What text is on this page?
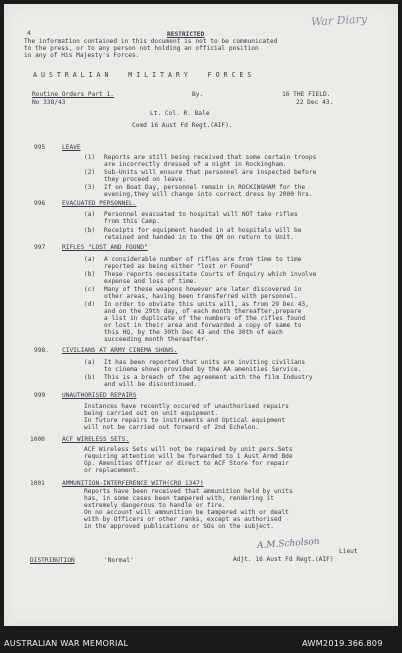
War Diary
4	RESTRICTED
The information contained in this document is not to be communicated
to the press, or to any person not holding an official position
in any of His Majesty's Forces.
A U S T R A L I A N     M I L I T A R Y     F O R C E S
Routine Orders Part 1.	By.	16 THE FIELD.
No 338/43	22 Dec 43.
Lt. Col. R. Bale
Comd 16 Aust Fd Regt.(AIF).
995	LEAVE
(1) Reports are still being received that some certain troops
are incorrectly dressed of a night in Rockingham.
(2) Sub-Units will ensure that personnel are inspected before
they proceed on leave.
(3) If on Boat Day, personnel remain in ROCKINGHAM for the
evening,they will change into correct dress by 2000 hrs.
996	EVACUATED PERSONNEL.
(a) Personnel evacuated to hospital will NOT take rifles
from this Camp.
(b) Receipts for equipment handed in at hospitals will be
retained and handed in to the QM on return to Unit.
997	RIFLES "LOST AND FOUND"
(a) A considerable number of rifles are from time to time
reported as being either "lost or Found"
(b) These reports necessitate Courts of Enquiry which involve
expense and loss of time.
(c) Many of these weapons however are later discovered in
other areas, having been transferred with personnel.
(d) In order to obviate this units will, as from 29 Dec 43,
and on the 29th day, of each month thereafter,prepare
a list in duplicate of the numbers of the rifles found
or lost in their area and forwarded a copy of same to
this HQ, by the 30th Dec 43 and the 30th of each
succeeding month thereafter.
998. CIVILIANS AT ARMY CINEMA SHOWS.
(a) It has been reported that units are inviting civilians
to cinema shows provided by the AA amenities Service.
(b) This is a breach of the agreement with the film Industry
and will be discontinued.
999	UNAUTHORISED REPAIRS
Instances have recently occured of unauthorised repairs
being carried out on unit equipment.
In future repairs to instruments and Optical equipment
will not be carried out forward of 2nd Echelon.
1000	ACF WIRELESS SETS.
ACF Wireless Sets will not be repaired by unit pers.Sets
requiring attention will be forwarded to 1 Aust Armd Bde
Gp. Amenities Officer or direct to ACF Store for repair
or replacement.
1001	AMMUNITION-INTERFERENCE WITH(CRO 1347)
Reports have been received that ammunition held by units
has, in some cases been tampered with, rendering it
extremely dangerous to handle or fire.
On no account will ammunition be tampered with or dealt
with by Officers or other ranks, except as authorised
in the approved publications or SOs on the subject.
A.M.Scholson
Lieut
Adjt. 16 Aust Fd Regt.(AIF)
DISTRIBUTION	'Normal'
AUSTRALIAN WAR MEMORIAL	AWM2019.366.809
